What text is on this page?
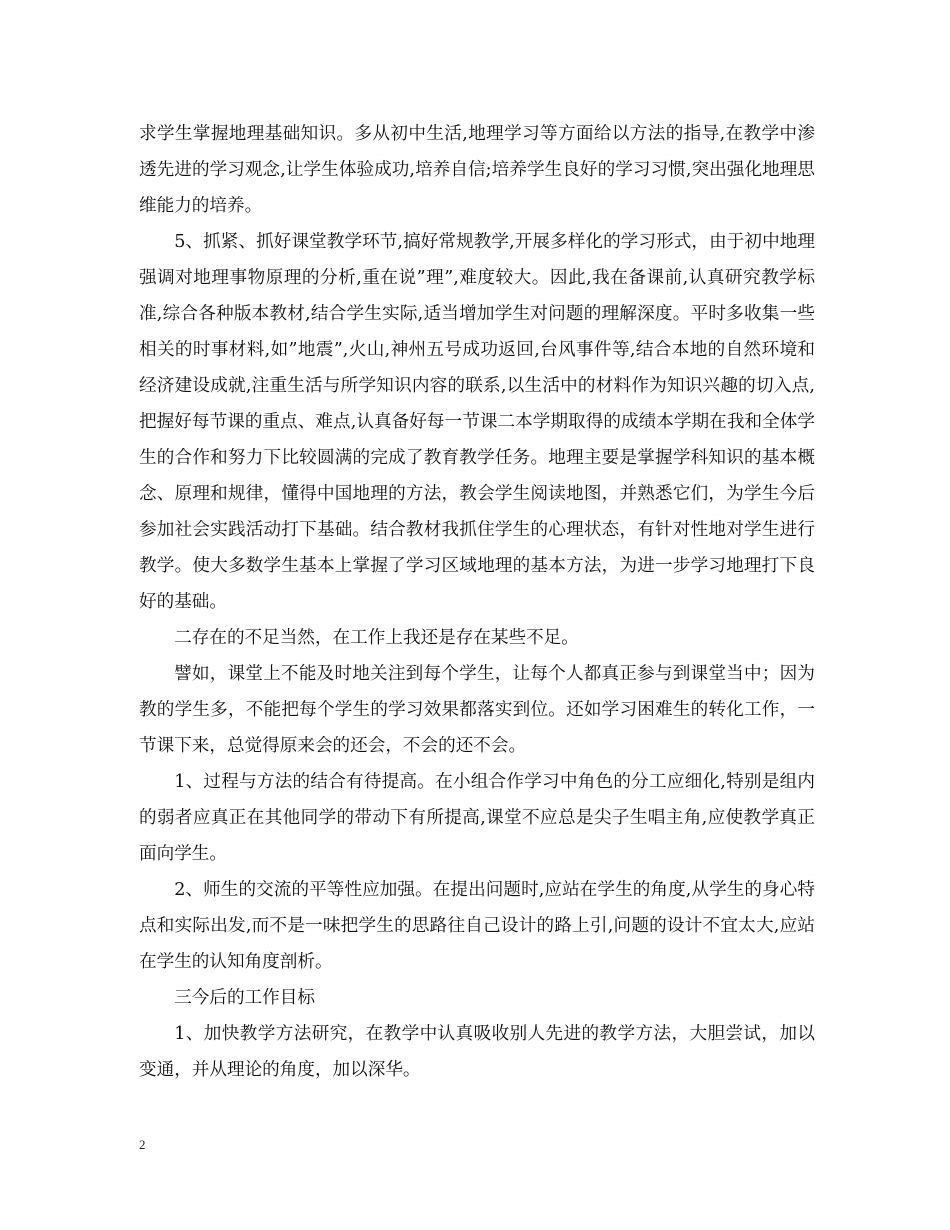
求学生掌握地理基础知识。多从初中生活,地理学习等方面给以方法的指导,在教学中渗透先进的学习观念,让学生体验成功,培养自信;培养学生良好的学习习惯,突出强化地理思维能力的培养。

5、抓紧、抓好课堂教学环节,搞好常规教学,开展多样化的学习形式，由于初中地理强调对地理事物原理的分析,重在说”理”,难度较大。因此,我在备课前,认真研究教学标准,综合各种版本教材,结合学生实际,适当增加学生对问题的理解深度。平时多收集一些相关的时事材料,如”地震”,火山,神州五号成功返回,台风事件等,结合本地的自然环境和经济建设成就,注重生活与所学知识内容的联系,以生活中的材料作为知识兴趣的切入点,把握好每节课的重点、难点,认真备好每一节课二本学期取得的成绩本学期在我和全体学生的合作和努力下比较圆满的完成了教育教学任务。地理主要是掌握学科知识的基本概念、原理和规律，懂得中国地理的方法，教会学生阅读地图，并熟悉它们，为学生今后参加社会实践活动打下基础。结合教材我抓住学生的心理状态，有针对性地对学生进行教学。使大多数学生基本上掌握了学习区域地理的基本方法，为进一步学习地理打下良好的基础。

二存在的不足当然，在工作上我还是存在某些不足。

譬如，课堂上不能及时地关注到每个学生，让每个人都真正参与到课堂当中；因为教的学生多，不能把每个学生的学习效果都落实到位。还如学习困难生的转化工作，一节课下来，总觉得原来会的还会，不会的还不会。

1、过程与方法的结合有待提高。在小组合作学习中角色的分工应细化,特别是组内的弱者应真正在其他同学的带动下有所提高,课堂不应总是尖子生唱主角,应使教学真正面向学生。

2、师生的交流的平等性应加强。在提出问题时,应站在学生的角度,从学生的身心特点和实际出发,而不是一味把学生的思路往自己设计的路上引,问题的设计不宜太大,应站在学生的认知角度剖析。

三今后的工作目标

1、加快教学方法研究，在教学中认真吸收别人先进的教学方法，大胆尝试，加以变通，并从理论的角度，加以深华。

2
